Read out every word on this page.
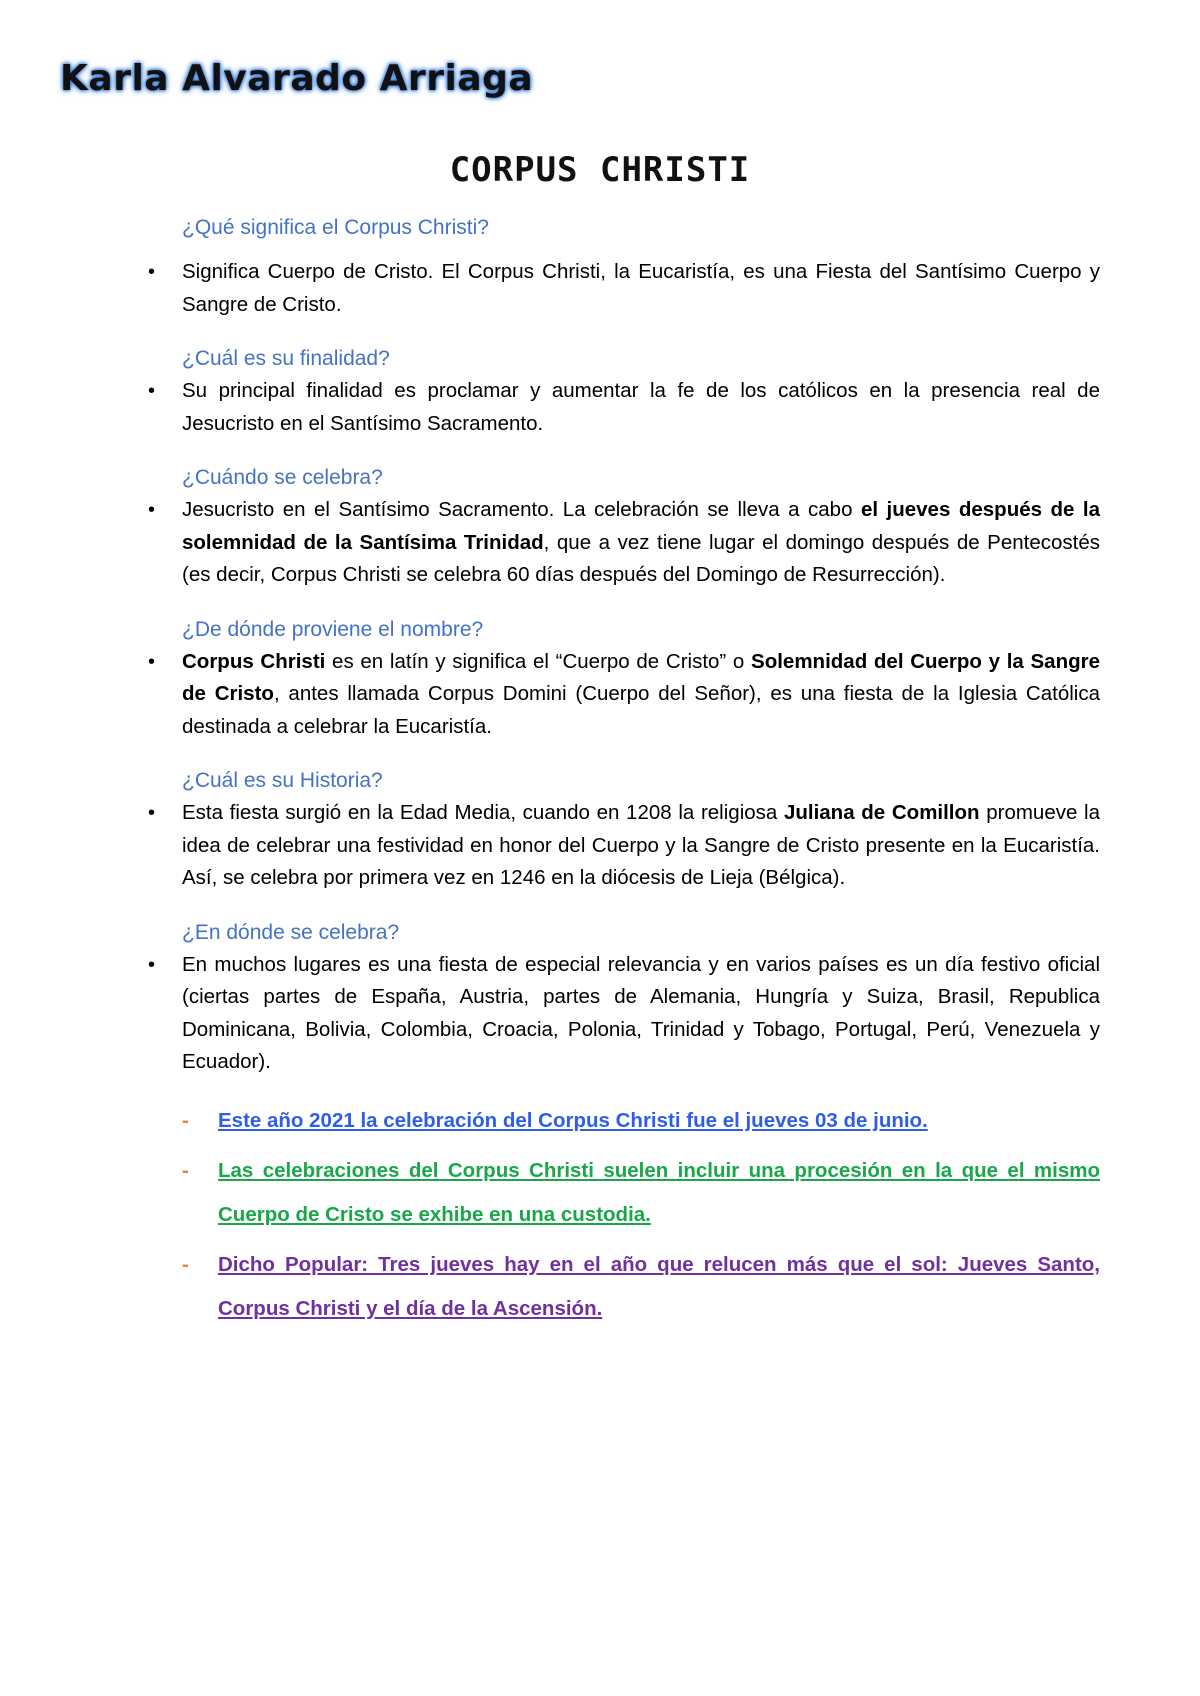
Karla Alvarado Arriaga
CORPUS CHRISTI

¿Qué significa el Corpus Christi?

• Significa Cuerpo de Cristo. El Corpus Christi, la Eucaristía, es una Fiesta del Santísimo Cuerpo y Sangre de Cristo.

¿Cuál es su finalidad?

• Su principal finalidad es proclamar y aumentar la fe de los católicos en la presencia real de Jesucristo en el Santísimo Sacramento.

¿Cuándo se celebra?

• Jesucristo en el Santísimo Sacramento. La celebración se lleva a cabo el jueves después de la solemnidad de la Santísima Trinidad, que a vez tiene lugar el domingo después de Pentecostés (es decir, Corpus Christi se celebra 60 días después del Domingo de Resurrección).

¿De dónde proviene el nombre?

• Corpus Christi es en latín y significa el “Cuerpo de Cristo” o Solemnidad del Cuerpo y la Sangre de Cristo, antes llamada Corpus Domini (Cuerpo del Señor), es una fiesta de la Iglesia Católica destinada a celebrar la Eucaristía.

¿Cuál es su Historia?

• Esta fiesta surgió en la Edad Media, cuando en 1208 la religiosa Juliana de Comillon promueve la idea de celebrar una festividad en honor del Cuerpo y la Sangre de Cristo presente en la Eucaristía. Así, se celebra por primera vez en 1246 en la diócesis de Lieja (Bélgica).

¿En dónde se celebra?

• En muchos lugares es una fiesta de especial relevancia y en varios países es un día festivo oficial (ciertas partes de España, Austria, partes de Alemania, Hungría y Suiza, Brasil, Republica Dominicana, Bolivia, Colombia, Croacia, Polonia, Trinidad y Tobago, Portugal, Perú, Venezuela y Ecuador).

- Este año 2021 la celebración del Corpus Christi fue el jueves 03 de junio.

- Las celebraciones del Corpus Christi suelen incluir una procesión en la que el mismo Cuerpo de Cristo se exhibe en una custodia.

- Dicho Popular: Tres jueves hay en el año que relucen más que el sol: Jueves Santo, Corpus Christi y el día de la Ascensión.
